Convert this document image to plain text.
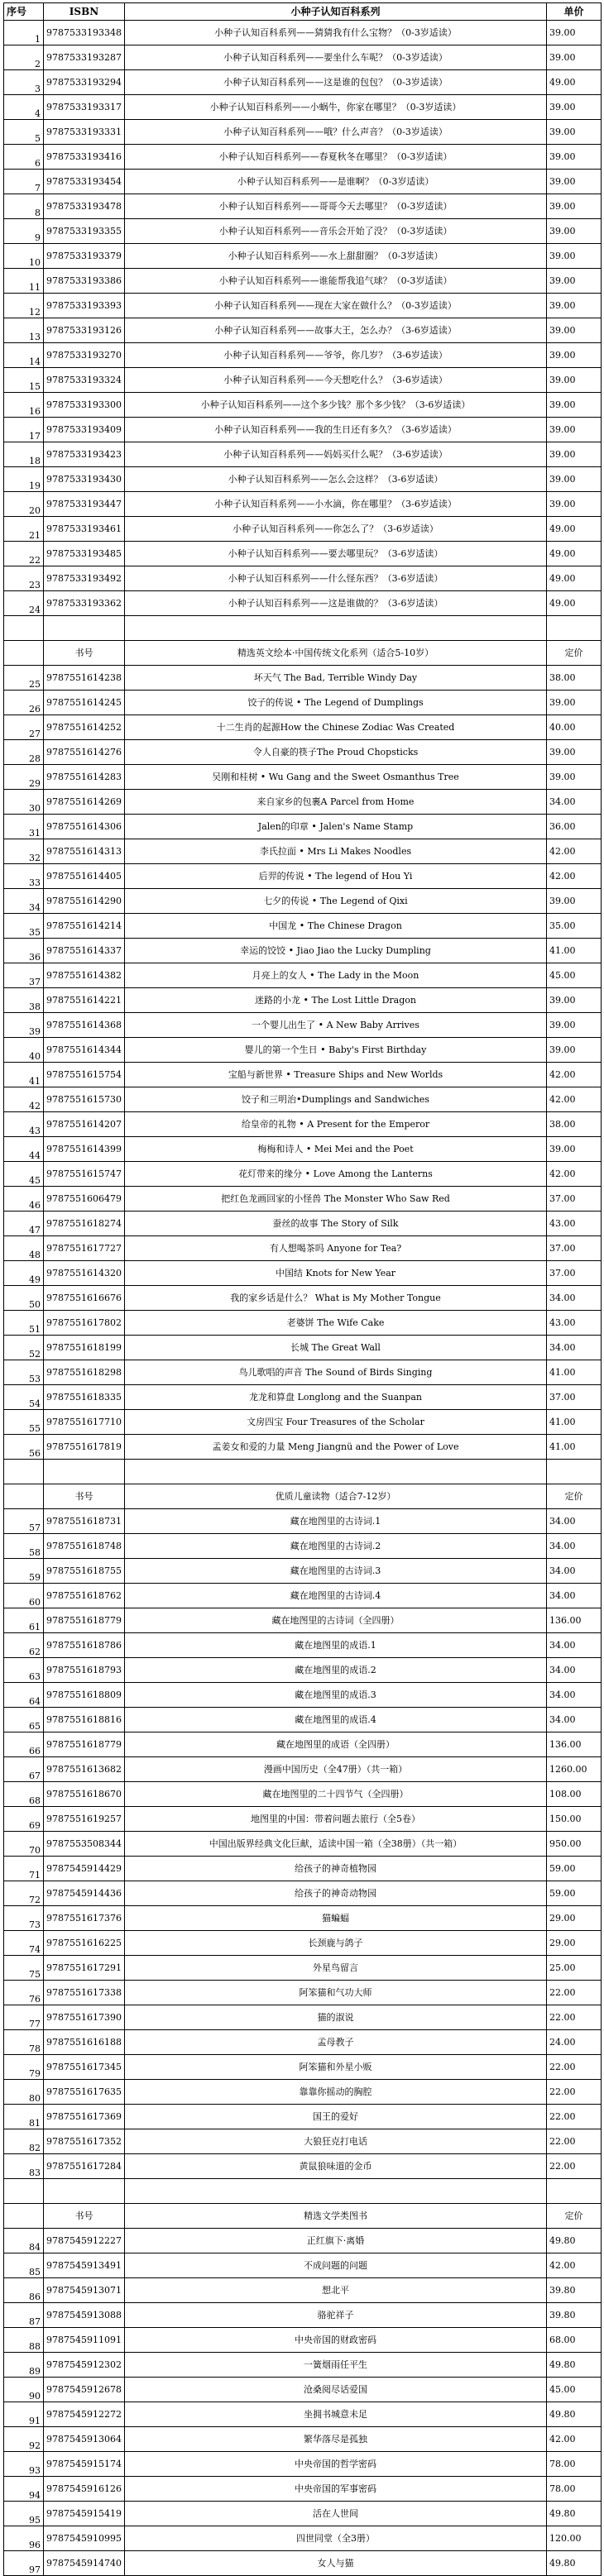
序号	ISBN	小种子认知百科系列	单价
1	9787533193348	小种子认知百科系列——猜猜我有什么宝物？（0-3岁适读）	39.00
2	9787533193287	小种子认知百科系列——要坐什么车呢？（0-3岁适读）	39.00
3	9787533193294	小种子认知百科系列——这是谁的包包？（0-3岁适读）	49.00
4	9787533193317	小种子认知百科系列——小蜗牛，你家在哪里？（0-3岁适读）	39.00
5	9787533193331	小种子认知百科系列——哦？什么声音？（0-3岁适读）	39.00
6	9787533193416	小种子认知百科系列——春夏秋冬在哪里？（0-3岁适读）	39.00
7	9787533193454	小种子认知百科系列——是谁啊？（0-3岁适读）	39.00
8	9787533193478	小种子认知百科系列——哥哥今天去哪里？（0-3岁适读）	39.00
9	9787533193355	小种子认知百科系列——音乐会开始了没？（0-3岁适读）	39.00
10	9787533193379	小种子认知百科系列——水上甜甜圈？（0-3岁适读）	39.00
11	9787533193386	小种子认知百科系列——谁能帮我追气球？（0-3岁适读）	39.00
12	9787533193393	小种子认知百科系列——现在大家在做什么？（0-3岁适读）	39.00
13	9787533193126	小种子认知百科系列——故事大王，怎么办？（3-6岁适读）	39.00
14	9787533193270	小种子认知百科系列——爷爷，你几岁？（3-6岁适读）	39.00
15	9787533193324	小种子认知百科系列——今天想吃什么？（3-6岁适读）	39.00
16	9787533193300	小种子认知百科系列——这个多少钱？那个多少钱？（3-6岁适读）	39.00
17	9787533193409	小种子认知百科系列——我的生日还有多久？（3-6岁适读）	39.00
18	9787533193423	小种子认知百科系列——妈妈买什么呢？（3-6岁适读）	39.00
19	9787533193430	小种子认知百科系列——怎么会这样？（3-6岁适读）	39.00
20	9787533193447	小种子认知百科系列——小水滴，你在哪里？（3-6岁适读）	39.00
21	9787533193461	小种子认知百科系列——你怎么了？（3-6岁适读）	49.00
22	9787533193485	小种子认知百科系列——要去哪里玩？（3-6岁适读）	49.00
23	9787533193492	小种子认知百科系列——什么怪东西？（3-6岁适读）	49.00
24	9787533193362	小种子认知百科系列——这是谁做的？（3-6岁适读）	49.00

	书号	精选英文绘本·中国传统文化系列（适合5-10岁）	定价
25	9787551614238	坏天气 The Bad, Terrible Windy Day	38.00
26	9787551614245	饺子的传说 • The Legend of Dumplings	39.00
27	9787551614252	十二生肖的起源How the Chinese Zodiac Was Created	40.00
28	9787551614276	令人自豪的筷子The Proud Chopsticks	39.00
29	9787551614283	吴刚和桂树 • Wu Gang and the Sweet Osmanthus Tree	39.00
30	9787551614269	来自家乡的包裹A Parcel from Home	34.00
31	9787551614306	Jalen的印章 • Jalen's Name Stamp	36.00
32	9787551614313	李氏拉面 • Mrs Li Makes Noodles	42.00
33	9787551614405	后羿的传说 • The legend of Hou Yi	42.00
34	9787551614290	七夕的传说 • The Legend of Qixi	39.00
35	9787551614214	中国龙 • The Chinese Dragon	35.00
36	9787551614337	幸运的饺饺 • Jiao Jiao the Lucky Dumpling	41.00
37	9787551614382	月亮上的女人 • The Lady in the Moon	45.00
38	9787551614221	迷路的小龙 • The Lost Little Dragon	39.00
39	9787551614368	一个婴儿出生了 • A New Baby Arrives	39.00
40	9787551614344	婴儿的第一个生日 • Baby's First Birthday	39.00
41	9787551615754	宝船与新世界 • Treasure Ships and New Worlds	42.00
42	9787551615730	饺子和三明治•Dumplings and Sandwiches	42.00
43	9787551614207	给皇帝的礼物 • A Present for the Emperor	38.00
44	9787551614399	梅梅和诗人 • Mei Mei and the Poet	39.00
45	9787551615747	花灯带来的缘分 • Love Among the Lanterns	42.00
46	9787551606479	把红色龙画回家的小怪兽 The Monster Who Saw Red	37.00
47	9787551618274	蚕丝的故事 The Story of Silk	43.00
48	9787551617727	有人想喝茶吗 Anyone for Tea?	37.00
49	9787551614320	中国结 Knots for New Year	37.00
50	9787551616676	我的家乡话是什么？ What is My Mother Tongue	34.00
51	9787551617802	老婆饼 The Wife Cake	43.00
52	9787551618199	长城 The Great Wall	34.00
53	9787551618298	鸟儿歌唱的声音 The Sound of Birds Singing	41.00
54	9787551618335	龙龙和算盘 Longlong and the Suanpan	37.00
55	9787551617710	文房四宝 Four Treasures of the Scholar	41.00
56	9787551617819	孟姜女和爱的力量 Meng Jiangnü and the Power of Love	41.00

	书号	优质儿童读物（适合7-12岁）	定价
57	9787551618731	藏在地图里的古诗词.1	34.00
58	9787551618748	藏在地图里的古诗词.2	34.00
59	9787551618755	藏在地图里的古诗词.3	34.00
60	9787551618762	藏在地图里的古诗词.4	34.00
61	9787551618779	藏在地图里的古诗词（全四册）	136.00
62	9787551618786	藏在地图里的成语.1	34.00
63	9787551618793	藏在地图里的成语.2	34.00
64	9787551618809	藏在地图里的成语.3	34.00
65	9787551618816	藏在地图里的成语.4	34.00
66	9787551618779	藏在地图里的成语（全四册）	136.00
67	9787551613682	漫画中国历史（全47册）（共一箱）	1260.00
68	9787551618670	藏在地图里的二十四节气（全四册）	108.00
69	9787551619257	地图里的中国：带着问题去旅行（全5卷）	150.00
70	9787553508344	中国出版界经典文化巨献，适读中国一箱（全38册）（共一箱）	950.00
71	9787545914429	给孩子的神奇植物园	59.00
72	9787545914436	给孩子的神奇动物园	59.00
73	9787551617376	猫蝙蝠	29.00
74	9787551616225	长颈鹿与鸽子	29.00
75	9787551617291	外星鸟留言	25.00
76	9787551617338	阿笨猫和气功大师	22.00
77	9787551617390	猫的淑说	22.00
78	9787551616188	孟母教子	24.00
79	9787551617345	阿笨猫和外星小贩	22.00
80	9787551617635	靠靠你摇动的胸腔	22.00
81	9787551617369	国王的爱好	22.00
82	9787551617352	大狼狂克打电话	22.00
83	9787551617284	黄鼠狼味道的金币	22.00

	书号	精选文学类图书	定价
84	9787545912227	正红旗下·离婚	49.80
85	9787545913491	不成问题的问题	42.00
86	9787545913071	想北平	39.80
87	9787545913088	骆驼祥子	39.80
88	9787545911091	中央帝国的财政密码	68.00
89	9787545912302	一簧烟雨任平生	49.80
90	9787545912678	沧桑阅尽话爱国	45.00
91	9787545912272	坐拥书城意未足	49.80
92	9787545913064	繁华落尽是孤独	42.00
93	9787545915174	中央帝国的哲学密码	78.00
94	9787545916126	中央帝国的军事密码	78.00
95	9787545915419	活在人世间	49.80
96	9787545910995	四世同堂（全3册）	120.00
97	9787545914740	女人与猫	49.80
